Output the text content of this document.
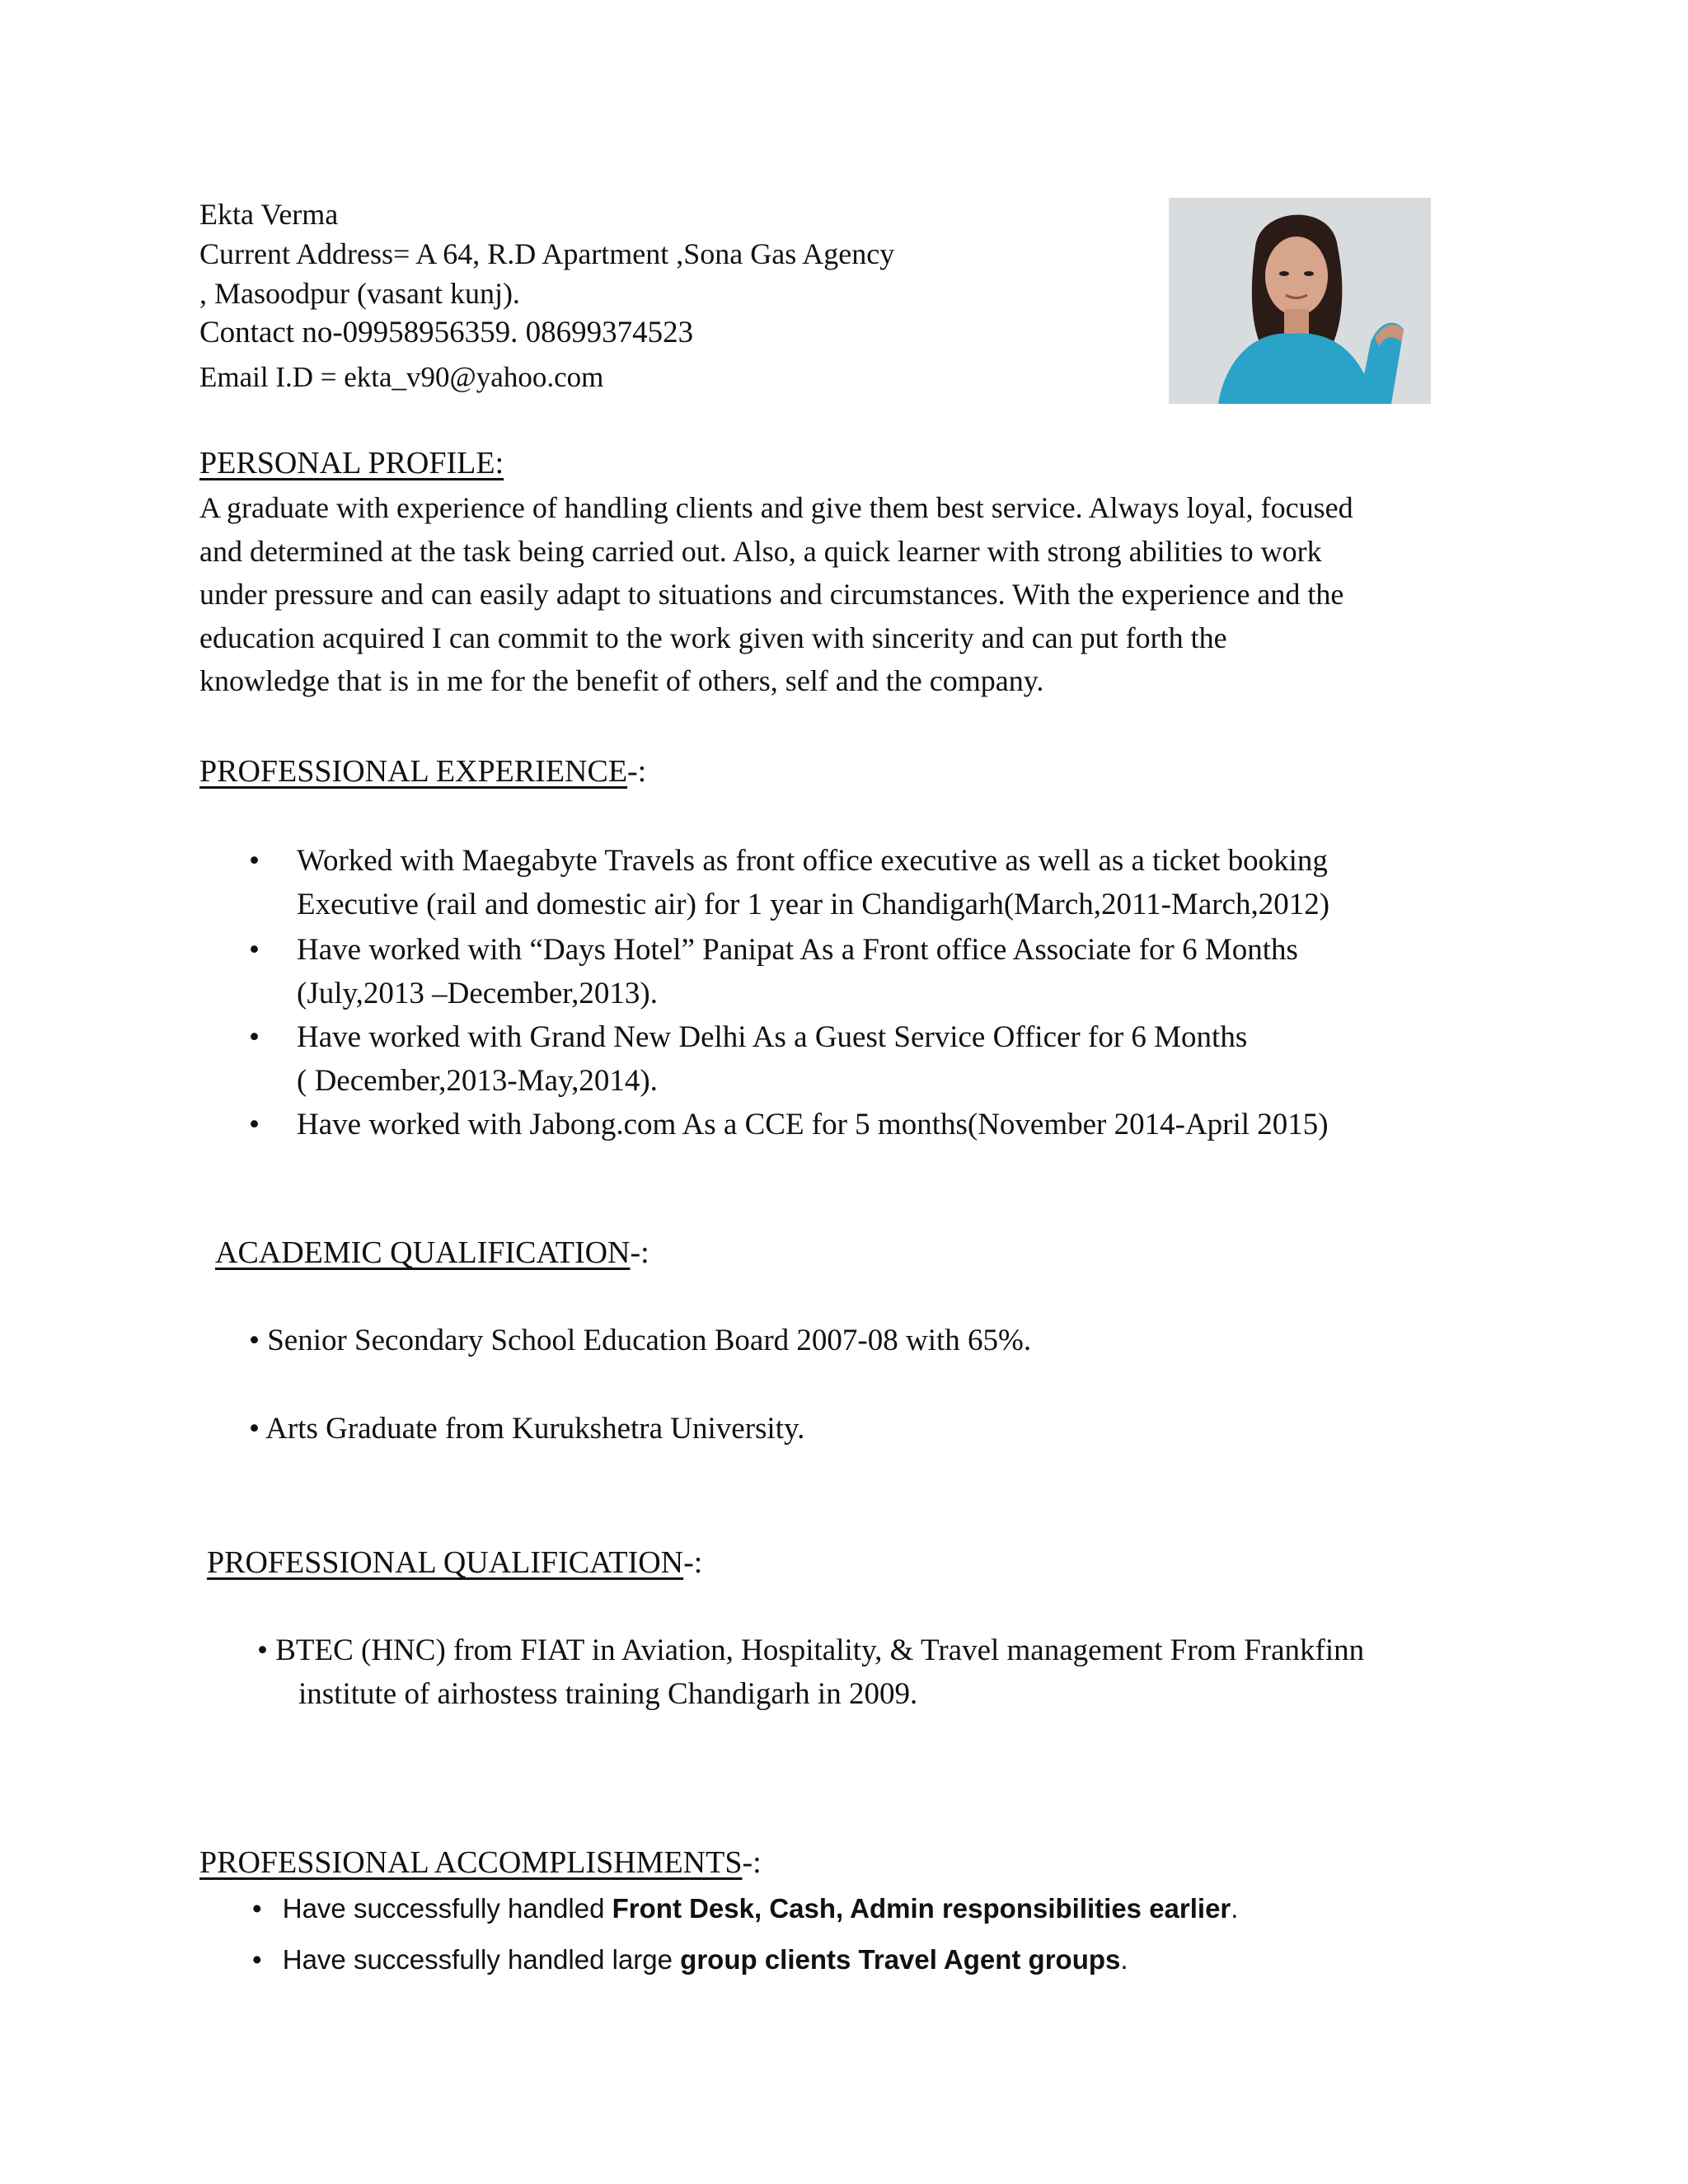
Ekta Verma
Current Address= A 64, R.D Apartment ,Sona Gas Agency
, Masoodpur (vasant kunj).
Contact no-09958956359. 08699374523
Email I.D = ekta_v90@yahoo.com
PERSONAL PROFILE:
A graduate with experience of handling clients and give them best service. Always loyal, focused
and determined at the task being carried out. Also, a quick learner with strong abilities to work
under pressure and can easily adapt to situations and circumstances. With the experience and the
education acquired I can commit to the work given with sincerity and can put forth the
knowledge that is in me for the benefit of others, self and the company.
PROFESSIONAL EXPERIENCE-:
• Worked with Maegabyte Travels as front office executive as well as a ticket booking
Executive (rail and domestic air) for 1 year in Chandigarh(March,2011-March,2012)
• Have worked with “Days Hotel” Panipat As a Front office Associate for 6 Months
(July,2013 –December,2013).
• Have worked with Grand New Delhi As a Guest Service Officer for 6 Months
( December,2013-May,2014).
• Have worked with Jabong.com As a CCE for 5 months(November 2014-April 2015)
ACADEMIC QUALIFICATION-:
• Senior Secondary School Education Board 2007-08 with 65%.
• Arts Graduate from Kurukshetra University.
PROFESSIONAL QUALIFICATION-:
• BTEC (HNC) from FIAT in Aviation, Hospitality, & Travel management From Frankfinn
institute of airhostess training Chandigarh in 2009.
PROFESSIONAL ACCOMPLISHMENTS-:
• Have successfully handled Front Desk, Cash, Admin responsibilities earlier.
• Have successfully handled large group clients Travel Agent groups.
